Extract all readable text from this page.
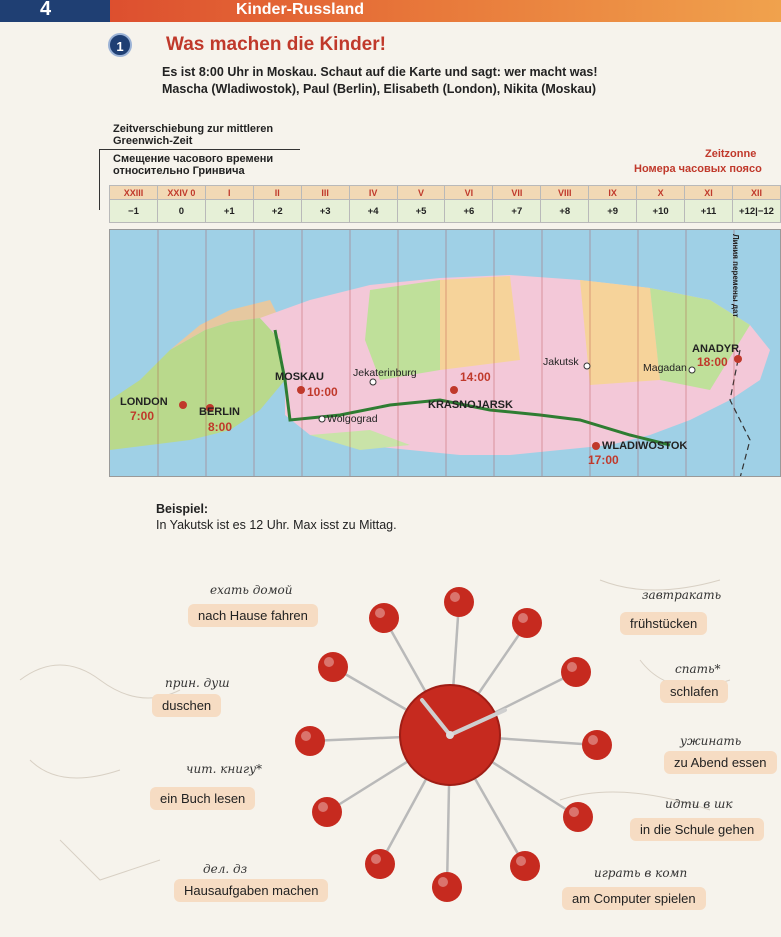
4	Kinder-Russland
1	Was machen die Kinder!
Es ist 8:00 Uhr in Moskau. Schaut auf die Karte und sagt: wer macht was!
Mascha (Wladiwostok), Paul (Berlin), Elisabeth (London), Nikita (Moskau)
Zeitverschiebung zur mittleren Greenwich-Zeit
Смещение часового времени относительно Гринвича
Zeitzonne
Номера часовых поясо
XXIII	XXIV 0	I	II	III	IV	V	VI	VII	VIII	IX	X	XI	XII
−1	0	+1	+2	+3	+4	+5	+6	+7	+8	+9	+10	+11	+12|−12
Линия перемены дат
LONDON
7:00	BERLIN
8:00
MOSKAU
10:00
Jekaterinburg
Wolgograd
14:00
KRASNOJARSK
Jakutsk	Magadan
ANADYR
18:00
WLADIWOSTOK
17:00
Beispiel:
In Yakutsk ist es 12 Uhr. Max isst zu Mittag.
ехать домой
nach Hause fahren
завтракать
frühstücken
прин. душ
duschen
спать*
schlafen
чит. книгу*
ein Buch lesen
ужинать
zu Abend essen
идти в шк
in die Schule gehen
дел. дз
Hausaufgaben machen
играть в комп
am Computer spielen
